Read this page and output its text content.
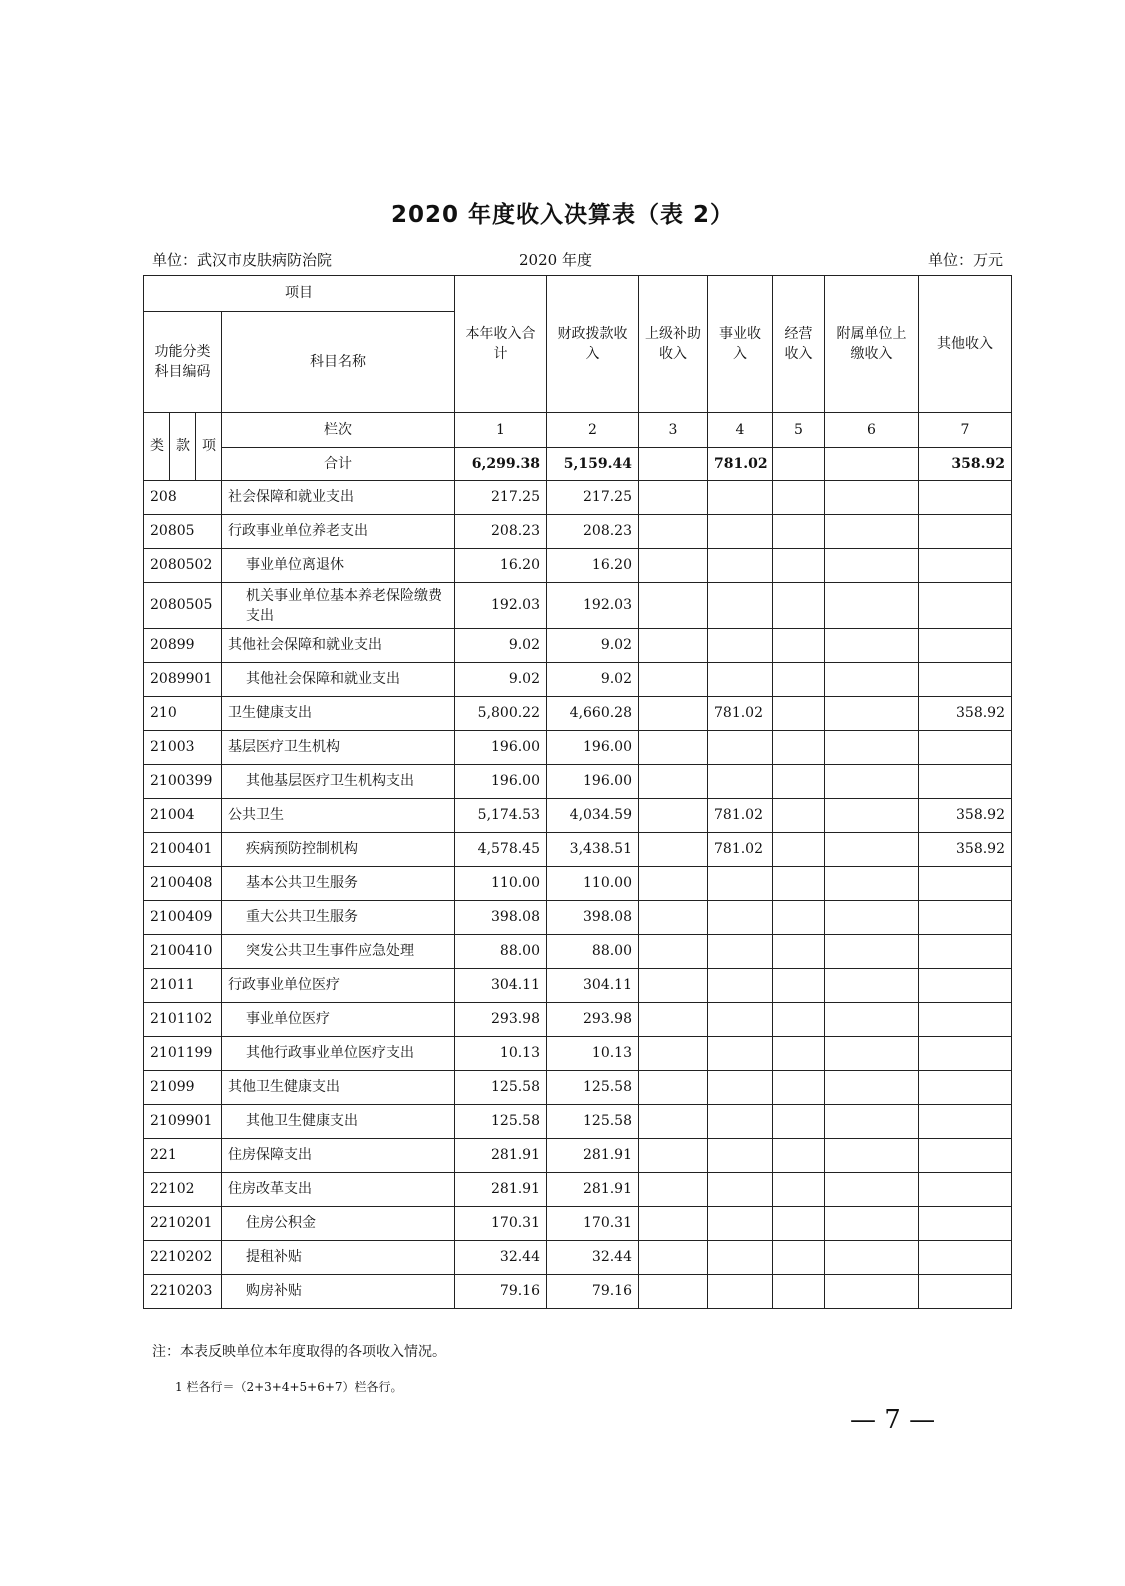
2020 年度收入决算表（表 2）
单位：武汉市皮肤病防治院	2020 年度	单位：万元
项目				本年收入合计	财政拨款收入	上级补助收入	事业收入	经营收入	附属单位上缴收入	其他收入
功能分类科目编码			科目名称							

类	款	项	栏次	1	2	3	4	5	6	7
			合计	6,299.38	5,159.44		781.02			358.92
208			社会保障和就业支出	217.25	217.25					
20805			行政事业单位养老支出	208.23	208.23					
2080502			事业单位离退休	16.20	16.20					
2080505			机关事业单位基本养老保险缴费支出	192.03	192.03					
20899			其他社会保障和就业支出	9.02	9.02					
2089901			其他社会保障和就业支出	9.02	9.02					
210			卫生健康支出	5,800.22	4,660.28		781.02			358.92
21003			基层医疗卫生机构	196.00	196.00					
2100399			其他基层医疗卫生机构支出	196.00	196.00					
21004			公共卫生	5,174.53	4,034.59		781.02			358.92
2100401			疾病预防控制机构	4,578.45	3,438.51		781.02			358.92
2100408			基本公共卫生服务	110.00	110.00					
2100409			重大公共卫生服务	398.08	398.08					
2100410			突发公共卫生事件应急处理	88.00	88.00					
21011			行政事业单位医疗	304.11	304.11					
2101102			事业单位医疗	293.98	293.98					
2101199			其他行政事业单位医疗支出	10.13	10.13					
21099			其他卫生健康支出	125.58	125.58					
2109901			其他卫生健康支出	125.58	125.58					
221			住房保障支出	281.91	281.91					
22102			住房改革支出	281.91	281.91					
2210201			住房公积金	170.31	170.31					
2210202			提租补贴	32.44	32.44					
2210203			购房补贴	79.16	79.16					
注：本表反映单位本年度取得的各项收入情况。
1 栏各行＝（2+3+4+5+6+7）栏各行。
— 7 —
